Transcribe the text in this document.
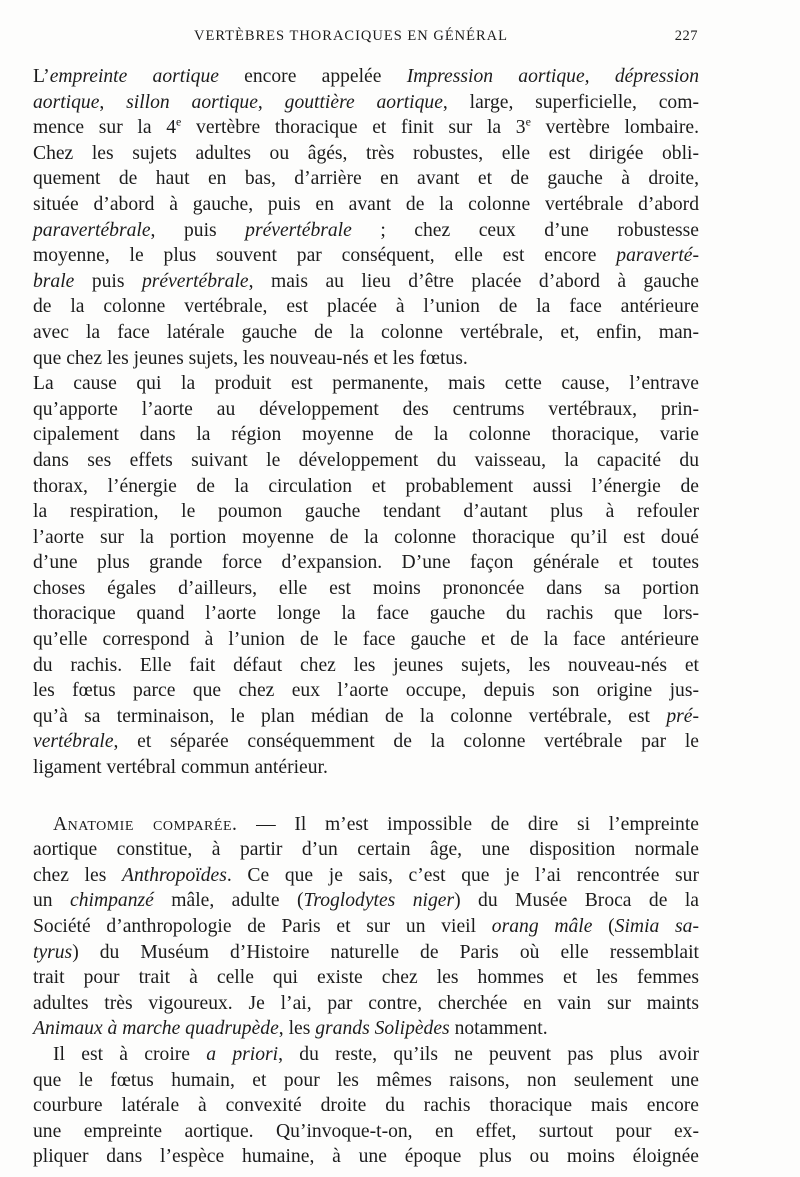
VERTÈBRES THORACIQUES EN GÉNÉRAL	227
L’empreinte aortique encore appelée Impression aortique, dépression
aortique, sillon aortique, gouttière aortique, large, superficielle, com-
mence sur la 4e vertèbre thoracique et finit sur la 3e vertèbre lombaire.
Chez les sujets adultes ou âgés, très robustes, elle est dirigée obli-
quement de haut en bas, d’arrière en avant et de gauche à droite,
située d’abord à gauche, puis en avant de la colonne vertébrale d’abord
paravertébrale, puis prévertébrale ; chez ceux d’une robustesse
moyenne, le plus souvent par conséquent, elle est encore paraverté-
brale puis prévertébrale, mais au lieu d’être placée d’abord à gauche
de la colonne vertébrale, est placée à l’union de la face antérieure
avec la face latérale gauche de la colonne vertébrale, et, enfin, man-
que chez les jeunes sujets, les nouveau-nés et les fœtus.
La cause qui la produit est permanente, mais cette cause, l’entrave
qu’apporte l’aorte au développement des centrums vertébraux, prin-
cipalement dans la région moyenne de la colonne thoracique, varie
dans ses effets suivant le développement du vaisseau, la capacité du
thorax, l’énergie de la circulation et probablement aussi l’énergie de
la respiration, le poumon gauche tendant d’autant plus à refouler
l’aorte sur la portion moyenne de la colonne thoracique qu’il est doué
d’une plus grande force d’expansion. D’une façon générale et toutes
choses égales d’ailleurs, elle est moins prononcée dans sa portion
thoracique quand l’aorte longe la face gauche du rachis que lors-
qu’elle correspond à l’union de le face gauche et de la face antérieure
du rachis. Elle fait défaut chez les jeunes sujets, les nouveau-nés et
les fœtus parce que chez eux l’aorte occupe, depuis son origine jus-
qu’à sa terminaison, le plan médian de la colonne vertébrale, est pré-
vertébrale, et séparée conséquemment de la colonne vertébrale par le
ligament vertébral commun antérieur.
Anatomie comparée. — Il m’est impossible de dire si l’empreinte
aortique constitue, à partir d’un certain âge, une disposition normale
chez les Anthropoïdes. Ce que je sais, c’est que je l’ai rencontrée sur
un chimpanzé mâle, adulte (Troglodytes niger) du Musée Broca de la
Société d’anthropologie de Paris et sur un vieil orang mâle (Simia sa-
tyrus) du Muséum d’Histoire naturelle de Paris où elle ressemblait
trait pour trait à celle qui existe chez les hommes et les femmes
adultes très vigoureux. Je l’ai, par contre, cherchée en vain sur maints
Animaux à marche quadrupède, les grands Solipèdes notamment.
Il est à croire a priori, du reste, qu’ils ne peuvent pas plus avoir
que le fœtus humain, et pour les mêmes raisons, non seulement une
courbure latérale à convexité droite du rachis thoracique mais encore
une empreinte aortique. Qu’invoque-t-on, en effet, surtout pour ex-
pliquer dans l’espèce humaine, à une époque plus ou moins éloignée
